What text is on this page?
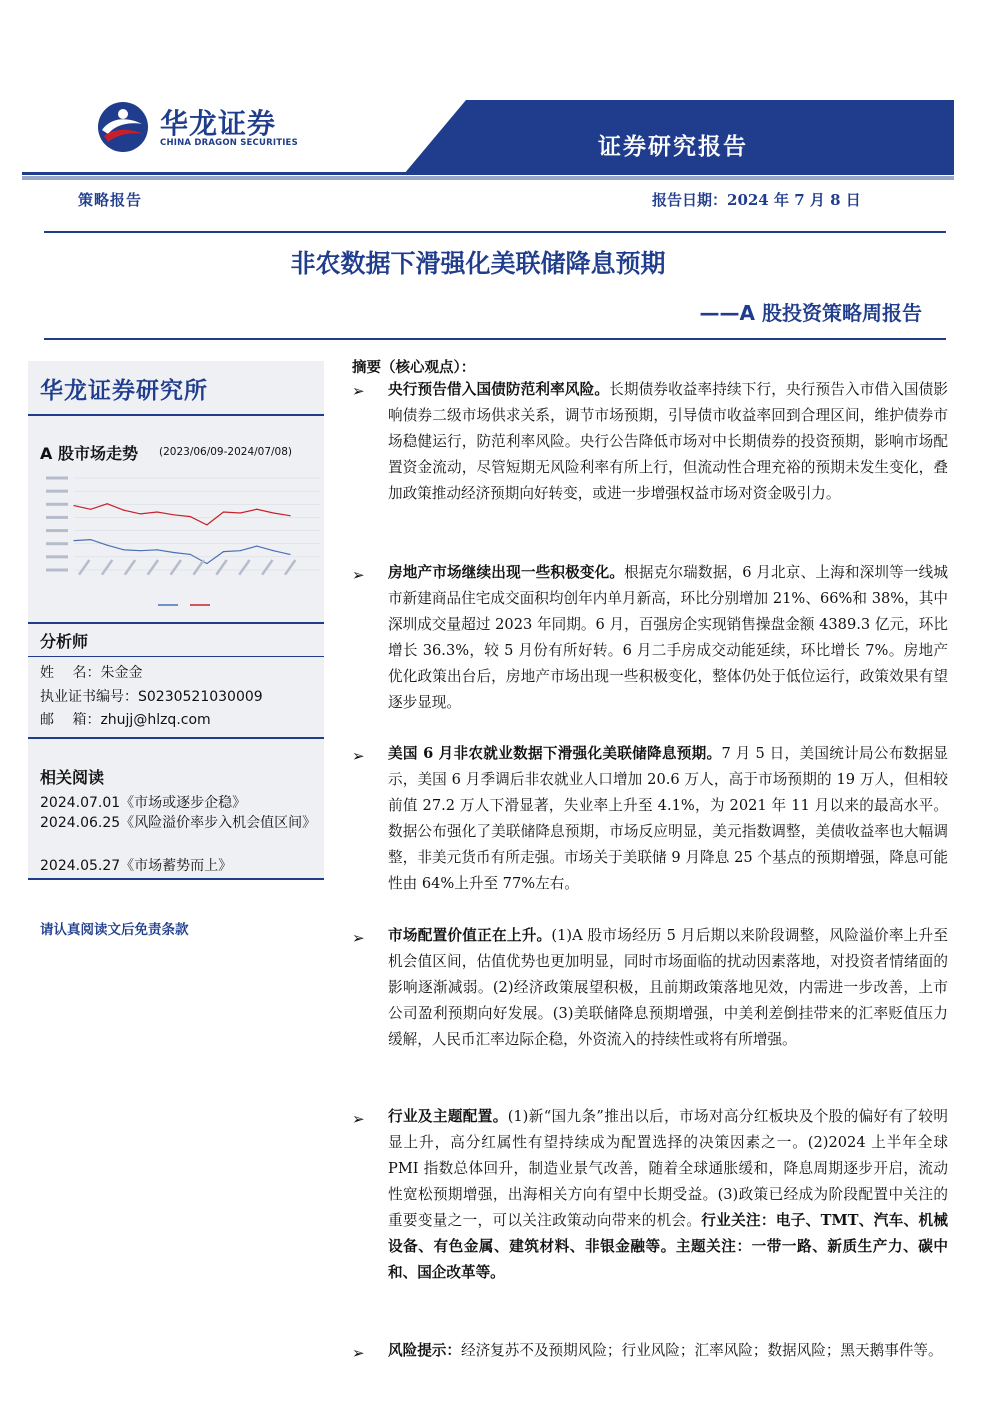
华龙证券
CHINA DRAGON SECURITIES	证券研究报告
策略报告	报告日期：2024 年 7 月 8 日
非农数据下滑强化美联储降息预期
——A 股投资策略周报告
华龙证券研究所
A 股市场走势 (2023/06/09-2024/07/08)
分析师
姓　 名：朱金金
执业证书编号：S0230521030009
邮　 箱：zhujj@hlzq.com
相关阅读
2024.07.01《市场或逐步企稳》
2024.06.25《风险溢价率步入机会值区间》
2024.05.27《市场蓄势而上》
请认真阅读文后免责条款
摘要（核心观点）：
➢ 央行预告借入国债防范利率风险。长期债券收益率持续下行，央行预告入市借入国债影响债券二级市场供求关系，调节市场预期，引导债市收益率回到合理区间，维护债券市场稳健运行，防范利率风险。央行公告降低市场对中长期债券的投资预期，影响市场配置资金流动，尽管短期无风险利率有所上行，但流动性合理充裕的预期未发生变化，叠加政策推动经济预期向好转变，或进一步增强权益市场对资金吸引力。
➢ 房地产市场继续出现一些积极变化。根据克尔瑞数据，6 月北京、上海和深圳等一线城市新建商品住宅成交面积均创年内单月新高，环比分别增加 21%、66%和 38%，其中深圳成交量超过 2023 年同期。6 月，百强房企实现销售操盘金额 4389.3 亿元，环比增长 36.3%，较 5 月份有所好转。6 月二手房成交动能延续，环比增长 7%。房地产优化政策出台后，房地产市场出现一些积极变化，整体仍处于低位运行，政策效果有望逐步显现。
➢ 美国 6 月非农就业数据下滑强化美联储降息预期。7 月 5 日，美国统计局公布数据显示，美国 6 月季调后非农就业人口增加 20.6 万人，高于市场预期的 19 万人，但相较前值 27.2 万人下滑显著，失业率上升至 4.1%，为 2021 年 11 月以来的最高水平。数据公布强化了美联储降息预期，市场反应明显，美元指数调整，美债收益率也大幅调整，非美元货币有所走强。市场关于美联储 9 月降息 25 个基点的预期增强，降息可能性由 64%上升至 77%左右。
➢ 市场配置价值正在上升。(1)A 股市场经历 5 月后期以来阶段调整，风险溢价率上升至机会值区间，估值优势也更加明显，同时市场面临的扰动因素落地，对投资者情绪面的影响逐渐减弱。(2)经济政策展望积极，且前期政策落地见效，内需进一步改善，上市公司盈利预期向好发展。(3)美联储降息预期增强，中美利差倒挂带来的汇率贬值压力缓解，人民币汇率边际企稳，外资流入的持续性或将有所增强。
➢ 行业及主题配置。(1)新“国九条”推出以后，市场对高分红板块及个股的偏好有了较明显上升，高分红属性有望持续成为配置选择的决策因素之一。(2)2024 上半年全球 PMI 指数总体回升，制造业景气改善，随着全球通胀缓和，降息周期逐步开启，流动性宽松预期增强，出海相关方向有望中长期受益。(3)政策已经成为阶段配置中关注的重要变量之一，可以关注政策动向带来的机会。行业关注：电子、TMT、汽车、机械设备、有色金属、建筑材料、非银金融等。主题关注：一带一路、新质生产力、碳中和、国企改革等。
➢ 风险提示：经济复苏不及预期风险；行业风险；汇率风险；数据风险；黑天鹅事件等。
